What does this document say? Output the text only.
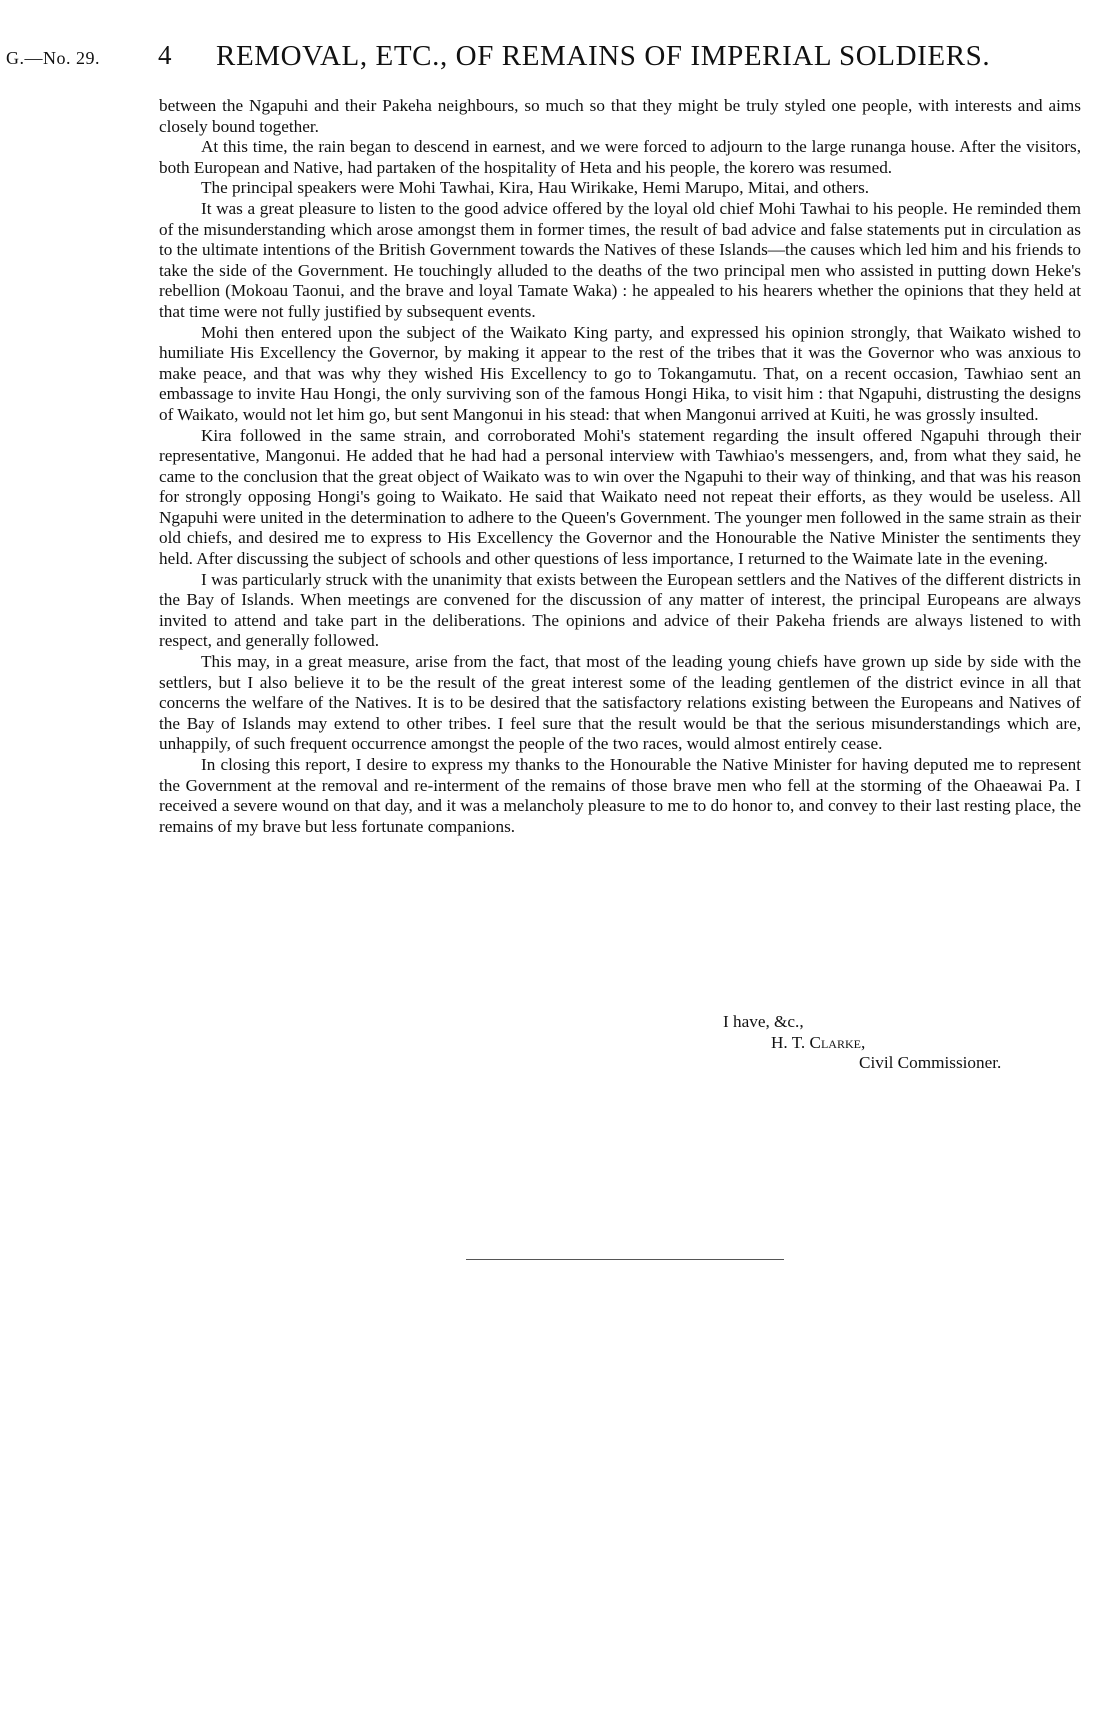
G.—No. 29. 4 REMOVAL, ETC., OF REMAINS OF IMPERIAL SOLDIERS.

between the Ngapuhi and their Pakeha neighbours, so much so that they might be truly styled one people, with interests and aims closely bound together.

At this time, the rain began to descend in earnest, and we were forced to adjourn to the large runanga house. After the visitors, both European and Native, had partaken of the hospitality of Heta and his people, the korero was resumed.

The principal speakers were Mohi Tawhai, Kira, Hau Wirikake, Hemi Marupo, Mitai, and others.

It was a great pleasure to listen to the good advice offered by the loyal old chief Mohi Tawhai to his people. He reminded them of the misunderstanding which arose amongst them in former times, the result of bad advice and false statements put in circulation as to the ultimate intentions of the British Government towards the Natives of these Islands—the causes which led him and his friends to take the side of the Government. He touchingly alluded to the deaths of the two principal men who assisted in putting down Heke's rebellion (Mokoau Taonui, and the brave and loyal Tamate Waka) : he appealed to his hearers whether the opinions that they held at that time were not fully justified by subsequent events.

Mohi then entered upon the subject of the Waikato King party, and expressed his opinion strongly, that Waikato wished to humiliate His Excellency the Governor, by making it appear to the rest of the tribes that it was the Governor who was anxious to make peace, and that was why they wished His Excellency to go to Tokangamutu. That, on a recent occasion, Tawhiao sent an embassage to invite Hau Hongi, the only surviving son of the famous Hongi Hika, to visit him : that Ngapuhi, distrusting the designs of Waikato, would not let him go, but sent Mangonui in his stead: that when Mangonui arrived at Kuiti, he was grossly insulted.

Kira followed in the same strain, and corroborated Mohi's statement regarding the insult offered Ngapuhi through their representative, Mangonui. He added that he had had a personal interview with Tawhiao's messengers, and, from what they said, he came to the conclusion that the great object of Waikato was to win over the Ngapuhi to their way of thinking, and that was his reason for strongly opposing Hongi's going to Waikato. He said that Waikato need not repeat their efforts, as they would be useless. All Ngapuhi were united in the determination to adhere to the Queen's Government. The younger men followed in the same strain as their old chiefs, and desired me to express to His Excellency the Governor and the Honourable the Native Minister the sentiments they held. After discussing the subject of schools and other questions of less importance, I returned to the Waimate late in the evening.

I was particularly struck with the unanimity that exists between the European settlers and the Natives of the different districts in the Bay of Islands. When meetings are convened for the discussion of any matter of interest, the principal Europeans are always invited to attend and take part in the deliberations. The opinions and advice of their Pakeha friends are always listened to with respect, and generally followed.

This may, in a great measure, arise from the fact, that most of the leading young chiefs have grown up side by side with the settlers, but I also believe it to be the result of the great interest some of the leading gentlemen of the district evince in all that concerns the welfare of the Natives. It is to be desired that the satisfactory relations existing between the Europeans and Natives of the Bay of Islands may extend to other tribes. I feel sure that the result would be that the serious misunderstandings which are, unhappily, of such frequent occurrence amongst the people of the two races, would almost entirely cease.

In closing this report, I desire to express my thanks to the Honourable the Native Minister for having deputed me to represent the Government at the removal and re-interment of the remains of those brave men who fell at the storming of the Ohaeawai Pa. I received a severe wound on that day, and it was a melancholy pleasure to me to do honor to, and convey to their last resting place, the remains of my brave but less fortunate companions.

I have, &c.,
H. T. Clarke,
Civil Commissioner.
